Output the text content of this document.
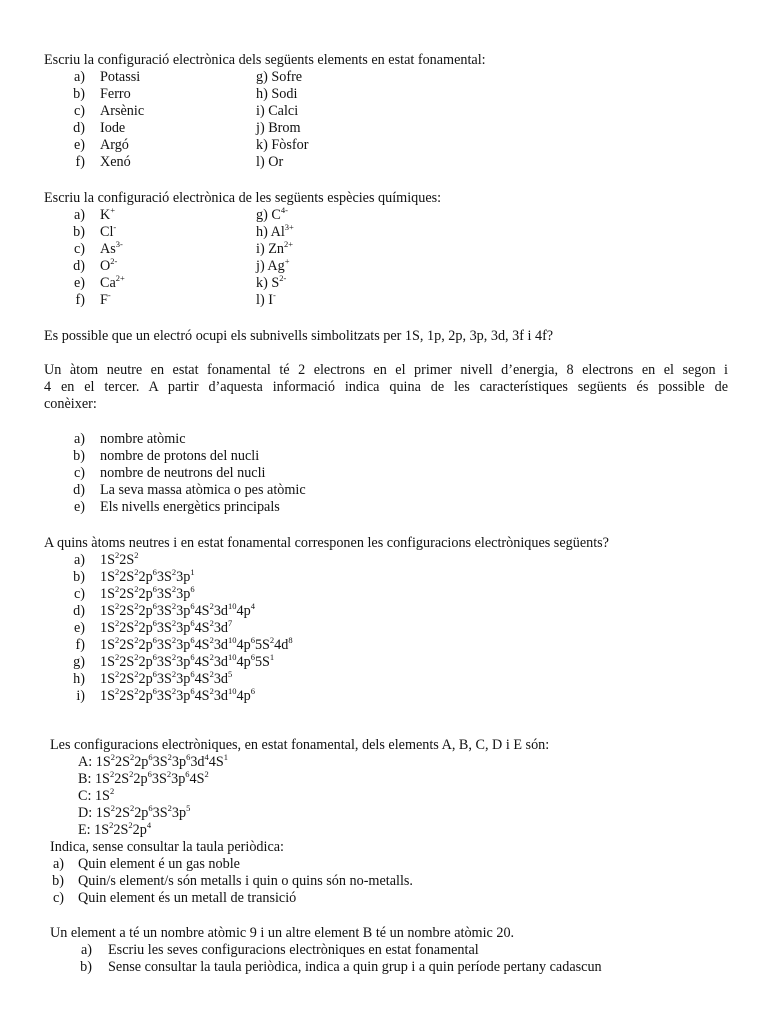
Escriu la configuració electrònica dels següents elements en estat fonamental:
a) Potassi	g) Sofre
b) Ferro	h) Sodi
c) Arsènic	i) Calci
d) Iode	j) Brom
e) Argó	k) Fòsfor
f) Xenó	l) Or
Escriu la configuració electrònica de les següents espècies químiques:
a) K+	g) $C^{4-}$
b) Cl-	h) $Al^{3+}$
c) $As^{3-}$	i) $Zn^{2+}$
d) $O^{2-}$	j) Ag+
e) $Ca^{2+}$	k) $S^{2-}$
f) F-	l) I-
Es possible que un electró ocupi els subnivells simbolitzats per 1S, 1p, 2p, 3p, 3d, 3f i 4f?
Un àtom neutre en estat fonamental té 2 electrons en el primer nivell d’energia, 8 electrons en el segon i
4 en el tercer. A partir d’aquesta informació indica quina de les característiques següents és possible de
conèixer:
a) nombre atòmic
b) nombre de protons del nucli
c) nombre de neutrons del nucli
d) La seva massa atòmica o pes atòmic
e) Els nivells energètics principals
A quins àtoms neutres i en estat fonamental corresponen les configuracions electròniques següents?
a) $1S^22S^2$
b) $1S^22S^22p^63S^23p^1$
c) $1S^22S^22p^63S^23p^6$
d) $1S^22S^22p^63S^23p^64S^23d^{10}4p^4$
e) $1S^22S^22p^63S^23p^64S^23d^7$
f) $1S^22S^22p^63S^23p^64S^23d^{10}4p^65S^24d^8$
g) $1S^22S^22p^63S^23p^64S^23d^{10}4p^65S^1$
h) $1S^22S^22p^63S^23p^64S^23d^5$
i) $1S^22S^22p^63S^23p^64S^23d^{10}4p^6$
Les configuracions electròniques, en estat fonamental, dels elements A, B, C, D i E són:
A: $1S^22S^22p^63S^23p^63d^44S^1$
B: $1S^22S^22p^63S^23p^64S^2$
C: $1S^2$
D: $1S^22S^22p^63S^23p^5$
E: $1S^22S^22p^4$
Indica, sense consultar la taula periòdica:
a) Quin element é un gas noble
b) Quin/s element/s són metalls i quin o quins són no-metalls.
c) Quin element és un metall de transició
Un element a té un nombre atòmic 9 i un altre element B té un nombre atòmic 20.
a) Escriu les seves configuracions electròniques en estat fonamental
b) Sense consultar la taula periòdica, indica a quin grup i a quin període pertany cadascun
